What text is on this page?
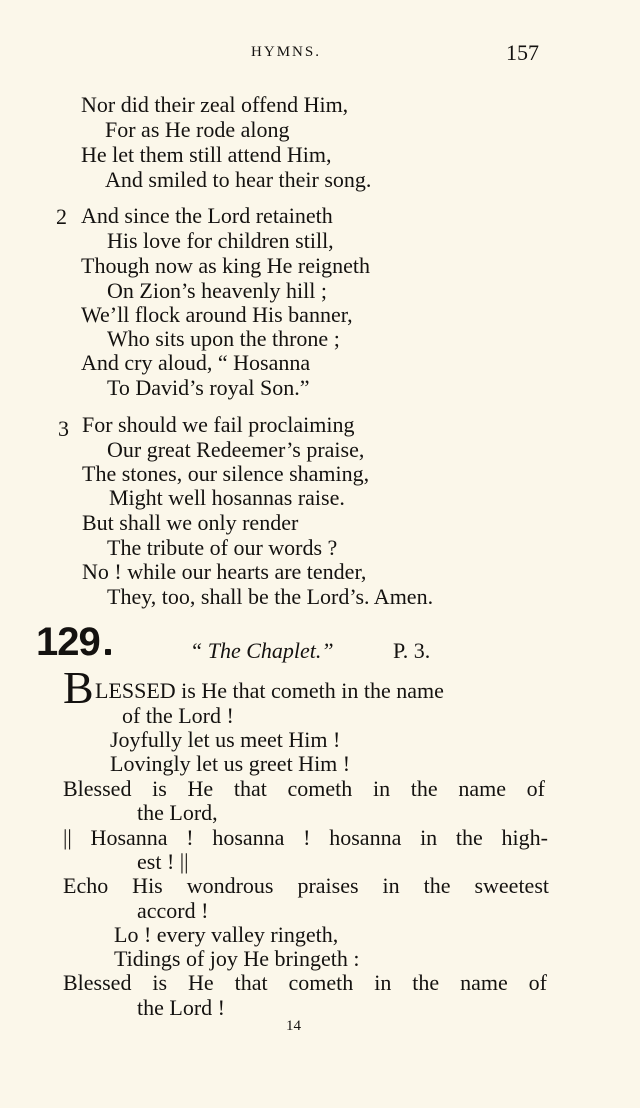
HYMNS.	157
Nor did their zeal offend Him,
For as He rode along
He let them still attend Him,
And smiled to hear their song.
2 And since the Lord retaineth
His love for children still,
Though now as king He reigneth
On Zion’s heavenly hill ;
We’ll flock around His banner,
Who sits upon the throne ;
And cry aloud, “ Hosanna
To David’s royal Son.”
3 For should we fail proclaiming
Our great Redeemer’s praise,
The stones, our silence shaming,
Might well hosannas raise.
But shall we only render
The tribute of our words ?
No ! while our hearts are tender,
They, too, shall be the Lord’s. Amen.
129	“ The Chaplet.”	P. 3.
B LESSED is He that cometh in the name
of the Lord !
Joyfully let us meet Him !
Lovingly let us greet Him !
Blessed is He that cometh in the name of
the Lord,
|| Hosanna ! hosanna ! hosanna in the high-
est ! ||
Echo His wondrous praises in the sweetest
accord !
Lo ! every valley ringeth,
Tidings of joy He bringeth :
Blessed is He that cometh in the name of
the Lord !
14
